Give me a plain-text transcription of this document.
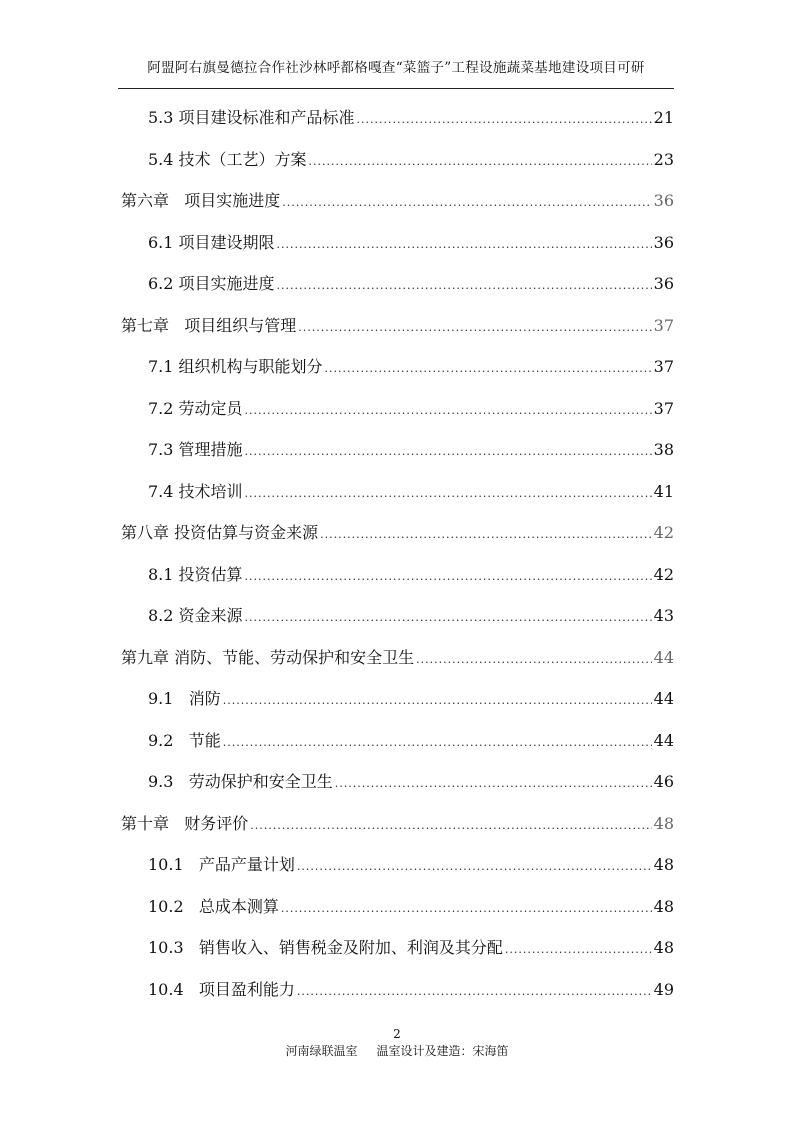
阿盟阿右旗曼德拉合作社沙林呼都格嘎查“菜篮子”工程设施蔬菜基地建设项目可研
5.3 项目建设标准和产品标准 .....	21
5.4 技术（工艺）方案 .....	23
第六章   项目实施进度 .....	36
6.1 项目建设期限 .....	36
6.2 项目实施进度 .....	36
第七章   项目组织与管理 .....	37
7.1 组织机构与职能划分 .....	37
7.2 劳动定员 .....	37
7.3 管理措施 .....	38
7.4 技术培训 .....	41
第八章 投资估算与资金来源 .....	42
8.1 投资估算 .....	42
8.2 资金来源 .....	43
第九章 消防、节能、劳动保护和安全卫生 .....	44
9.1   消防 .....	44
9.2   节能 .....	44
9.3   劳动保护和安全卫生 .....	46
第十章   财务评价 .....	48
10.1   产品产量计划 .....	48
10.2   总成本测算 .....	48
10.3   销售收入、销售税金及附加、利润及其分配 .....	48
10.4   项目盈利能力 .....	49
2
河南绿联温室     温室设计及建造：宋海笛
